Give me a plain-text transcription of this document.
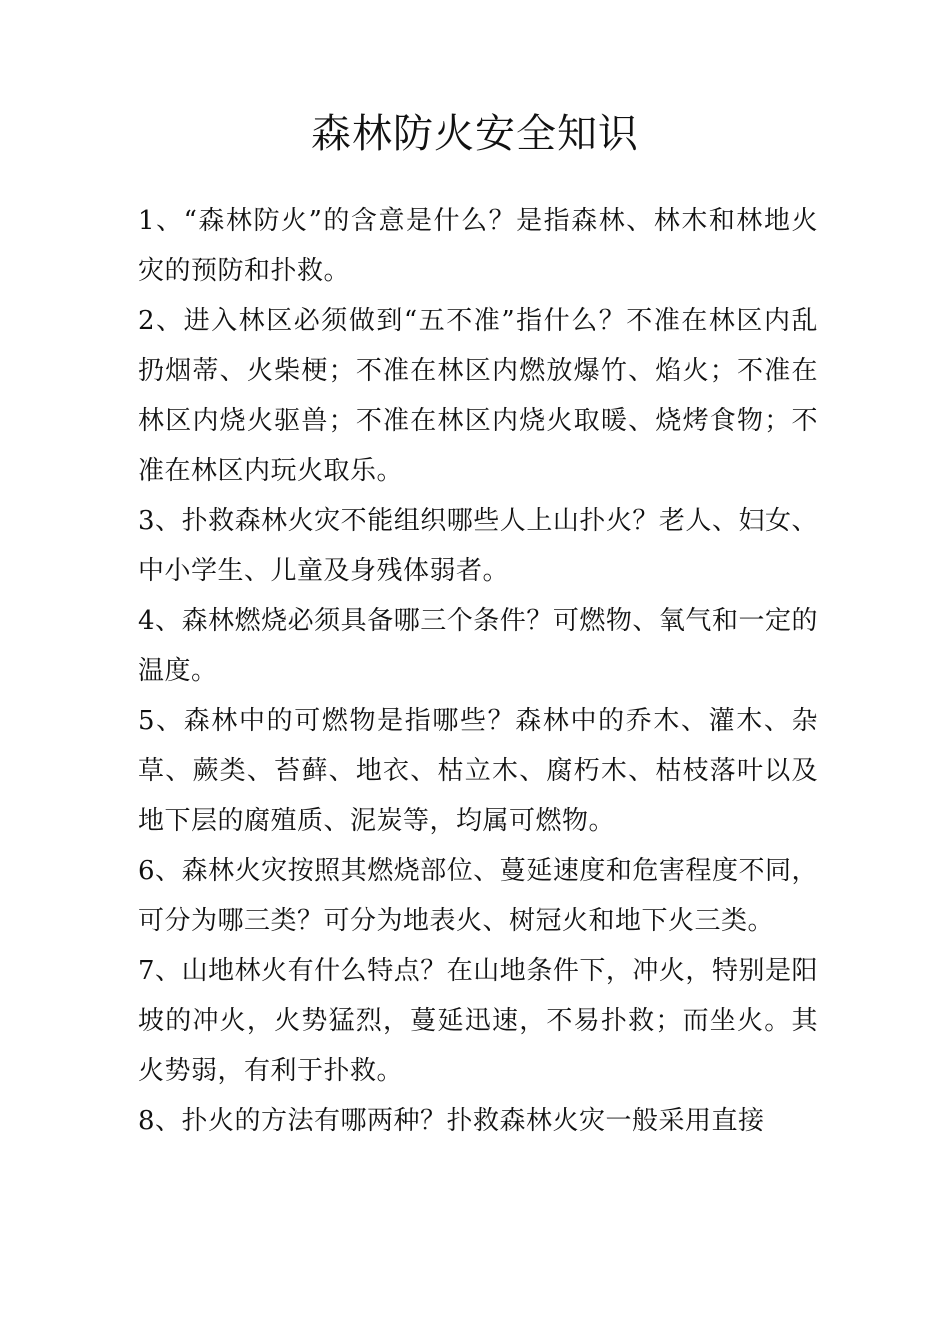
森林防火安全知识

1、“森林防火”的含意是什么？是指森林、林木和林地火灾的预防和扑救。

2、进入林区必须做到“五不准”指什么？不准在林区内乱扔烟蒂、火柴梗；不准在林区内燃放爆竹、焰火；不准在林区内烧火驱兽；不准在林区内烧火取暖、烧烤食物；不准在林区内玩火取乐。

3、扑救森林火灾不能组织哪些人上山扑火？老人、妇女、中小学生、儿童及身残体弱者。

4、森林燃烧必须具备哪三个条件？可燃物、氧气和一定的温度。

5、森林中的可燃物是指哪些？森林中的乔木、灌木、杂草、蕨类、苔藓、地衣、枯立木、腐朽木、枯枝落叶以及地下层的腐殖质、泥炭等，均属可燃物。

6、森林火灾按照其燃烧部位、蔓延速度和危害程度不同，可分为哪三类？可分为地表火、树冠火和地下火三类。

7、山地林火有什么特点？在山地条件下，冲火，特别是阳坡的冲火，火势猛烈，蔓延迅速，不易扑救；而坐火。其火势弱，有利于扑救。

8、扑火的方法有哪两种？扑救森林火灾一般采用直接
